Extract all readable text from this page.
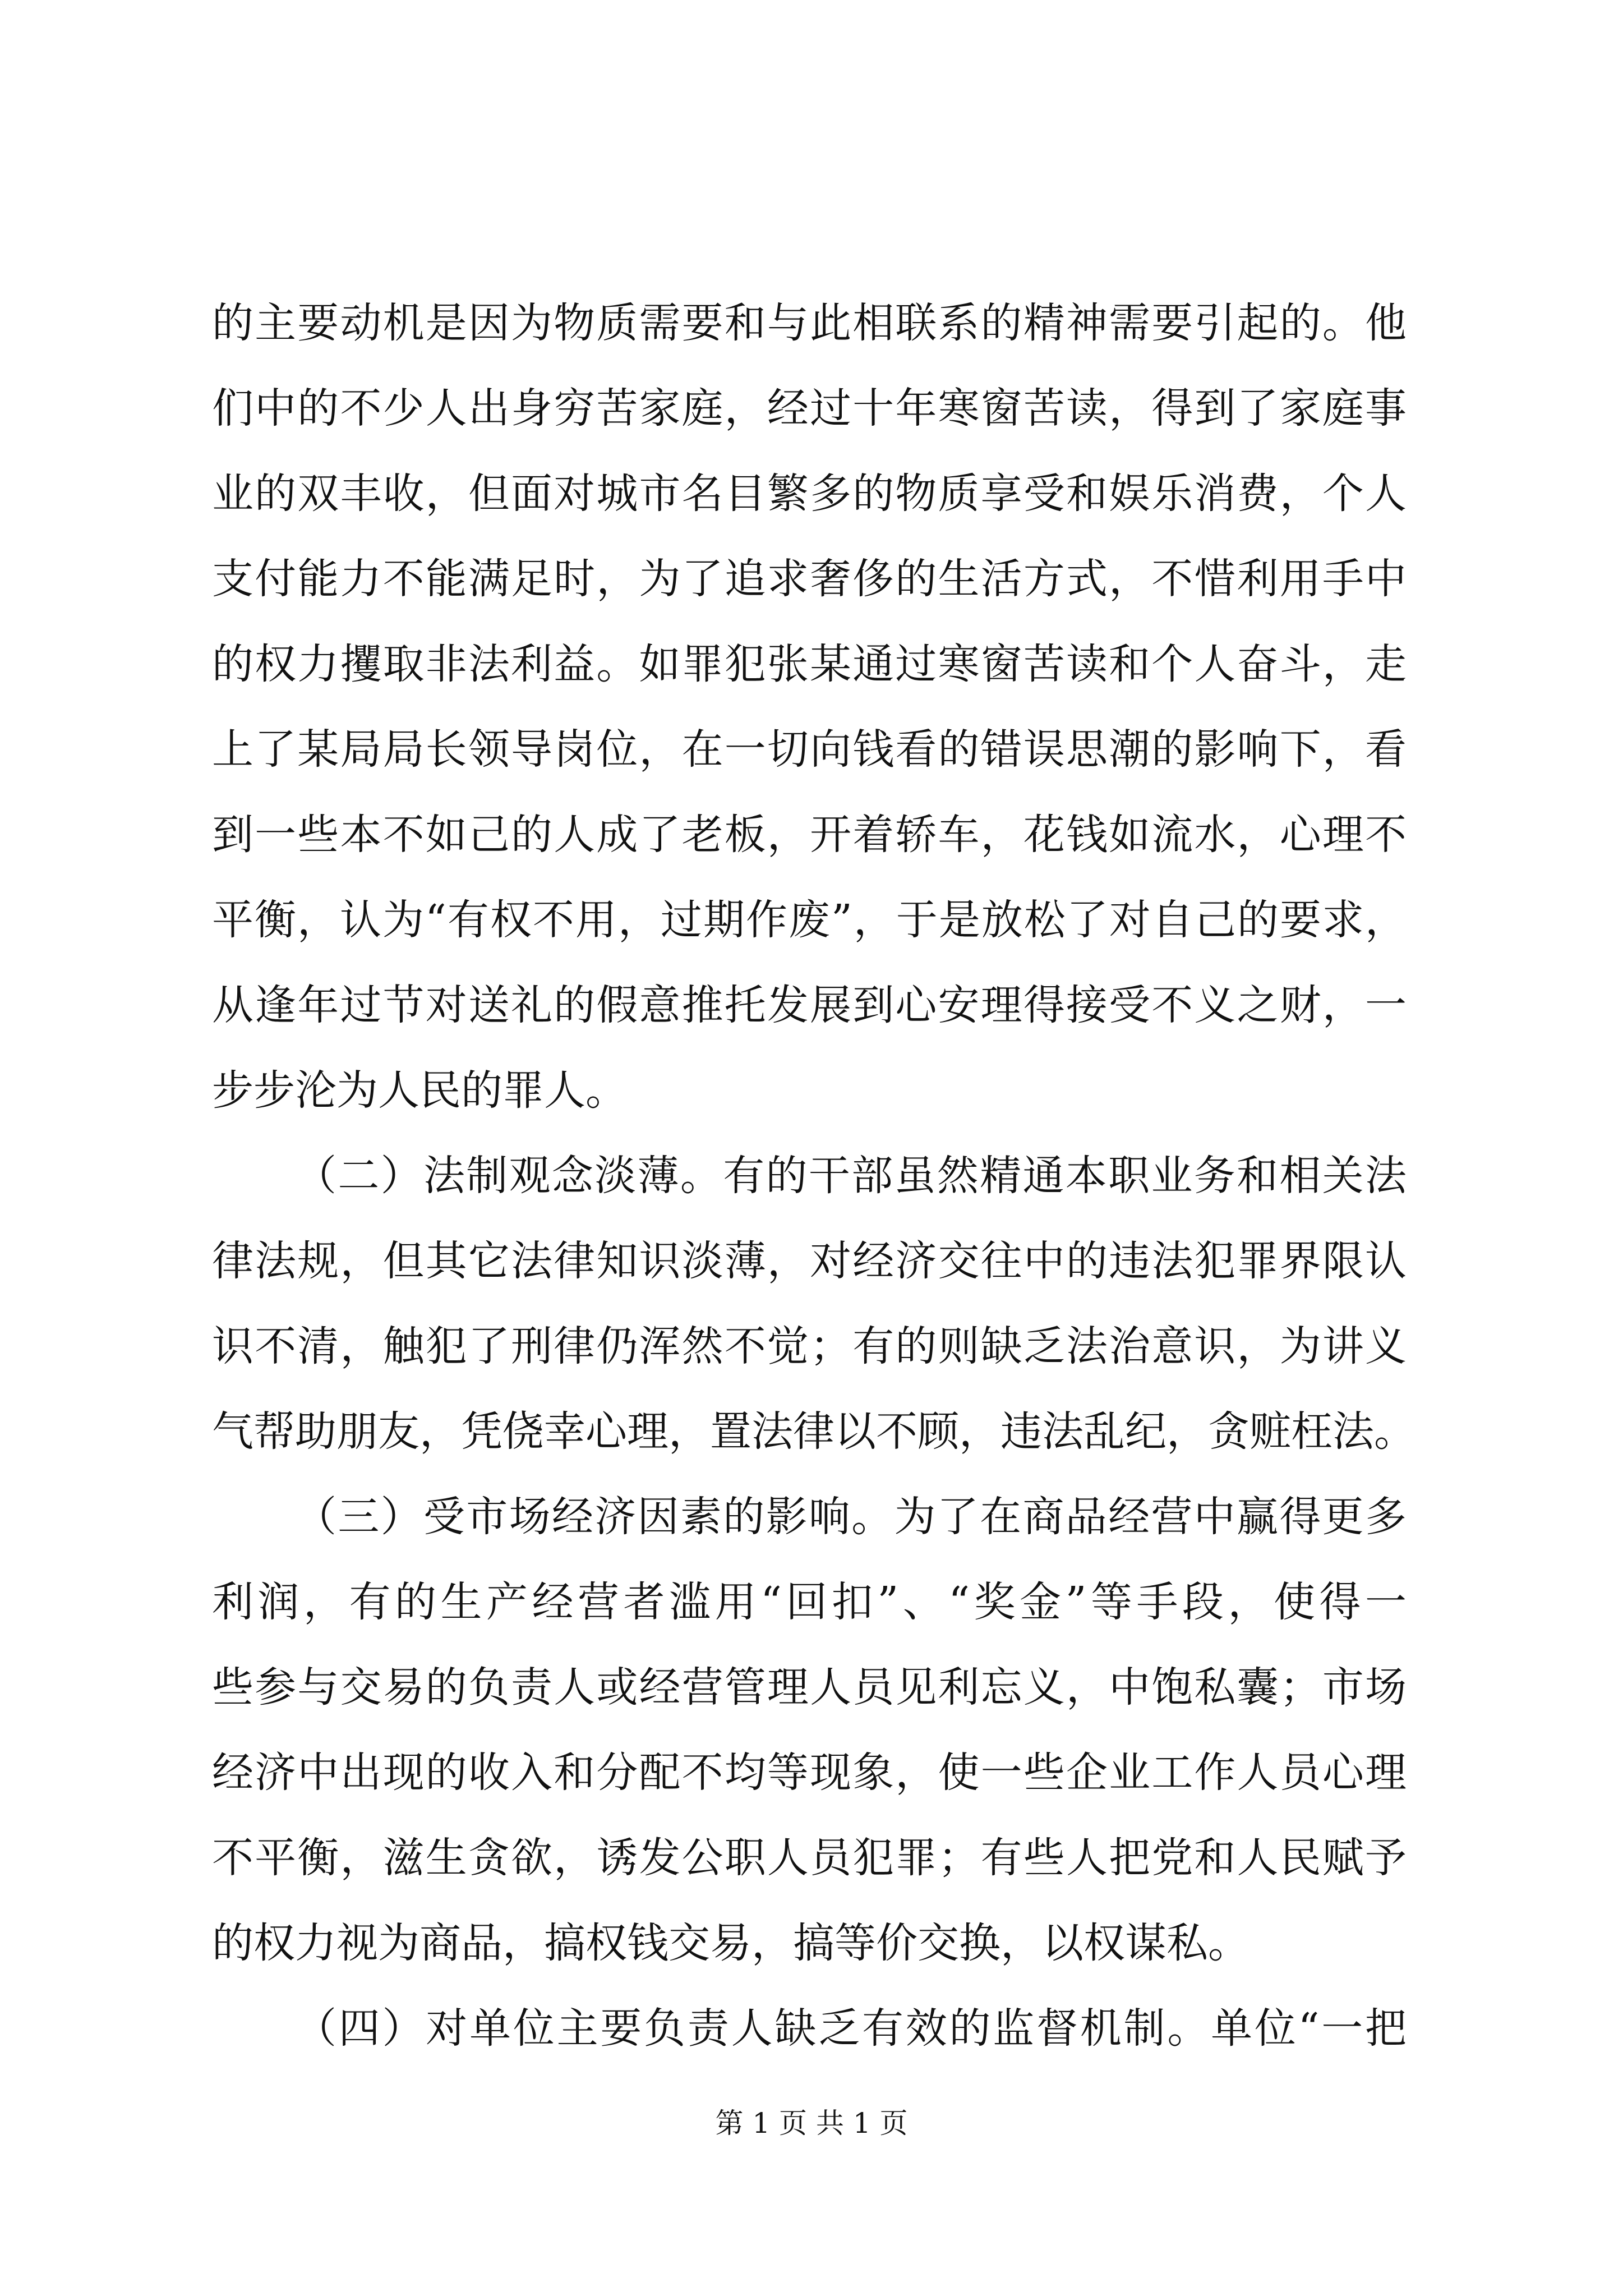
的主要动机是因为物质需要和与此相联系的精神需要引起的。他
们中的不少人出身穷苦家庭，经过十年寒窗苦读，得到了家庭事
业的双丰收，但面对城市名目繁多的物质享受和娱乐消费，个人
支付能力不能满足时，为了追求奢侈的生活方式，不惜利用手中
的权力攫取非法利益。如罪犯张某通过寒窗苦读和个人奋斗，走
上了某局局长领导岗位，在一切向钱看的错误思潮的影响下，看
到一些本不如己的人成了老板，开着轿车，花钱如流水，心理不
平衡，认为“有权不用，过期作废”，于是放松了对自己的要求，
从逢年过节对送礼的假意推托发展到心安理得接受不义之财，一
步步沦为人民的罪人。
（二）法制观念淡薄。有的干部虽然精通本职业务和相关法
律法规，但其它法律知识淡薄，对经济交往中的违法犯罪界限认
识不清，触犯了刑律仍浑然不觉；有的则缺乏法治意识，为讲义
气帮助朋友，凭侥幸心理，置法律以不顾，违法乱纪，贪赃枉法。
（三）受市场经济因素的影响。为了在商品经营中赢得更多
利润，有的生产经营者滥用“回扣”、“奖金”等手段，使得一
些参与交易的负责人或经营管理人员见利忘义，中饱私囊；市场
经济中出现的收入和分配不均等现象，使一些企业工作人员心理
不平衡，滋生贪欲，诱发公职人员犯罪；有些人把党和人民赋予
的权力视为商品，搞权钱交易，搞等价交换，以权谋私。
（四）对单位主要负责人缺乏有效的监督机制。单位“一把
第 1 页 共 1 页
